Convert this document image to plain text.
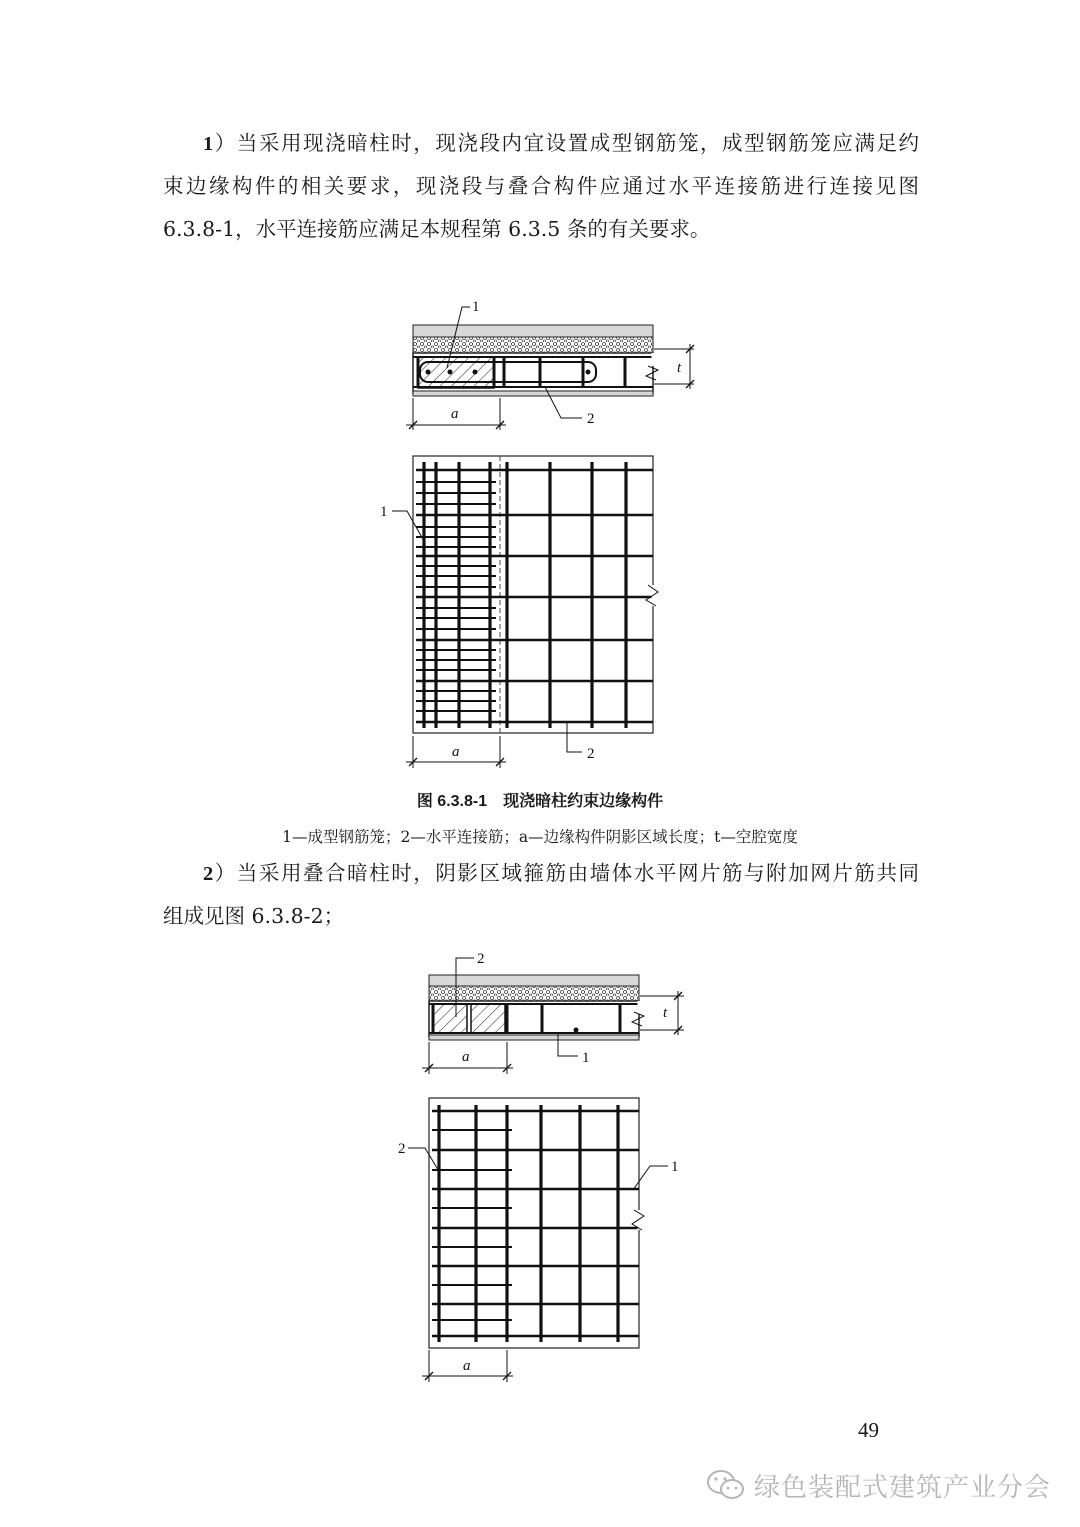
1）当采用现浇暗柱时，现浇段内宜设置成型钢筋笼，成型钢筋笼应满足约

束边缘构件的相关要求，现浇段与叠合构件应通过水平连接筋进行连接见图

6.3.8-1，水平连接筋应满足本规程第 6.3.5 条的有关要求。

1
2
a
t
1
2
a
2
1
a
t
2
1
a

图 6.3.8-1 现浇暗柱约束边缘构件

1—成型钢筋笼；2—水平连接筋；a—边缘构件阴影区域长度；t—空腔宽度

2）当采用叠合暗柱时，阴影区域箍筋由墙体水平网片筋与附加网片筋共同

组成见图 6.3.8-2；

49
绿色装配式建筑产业分会
